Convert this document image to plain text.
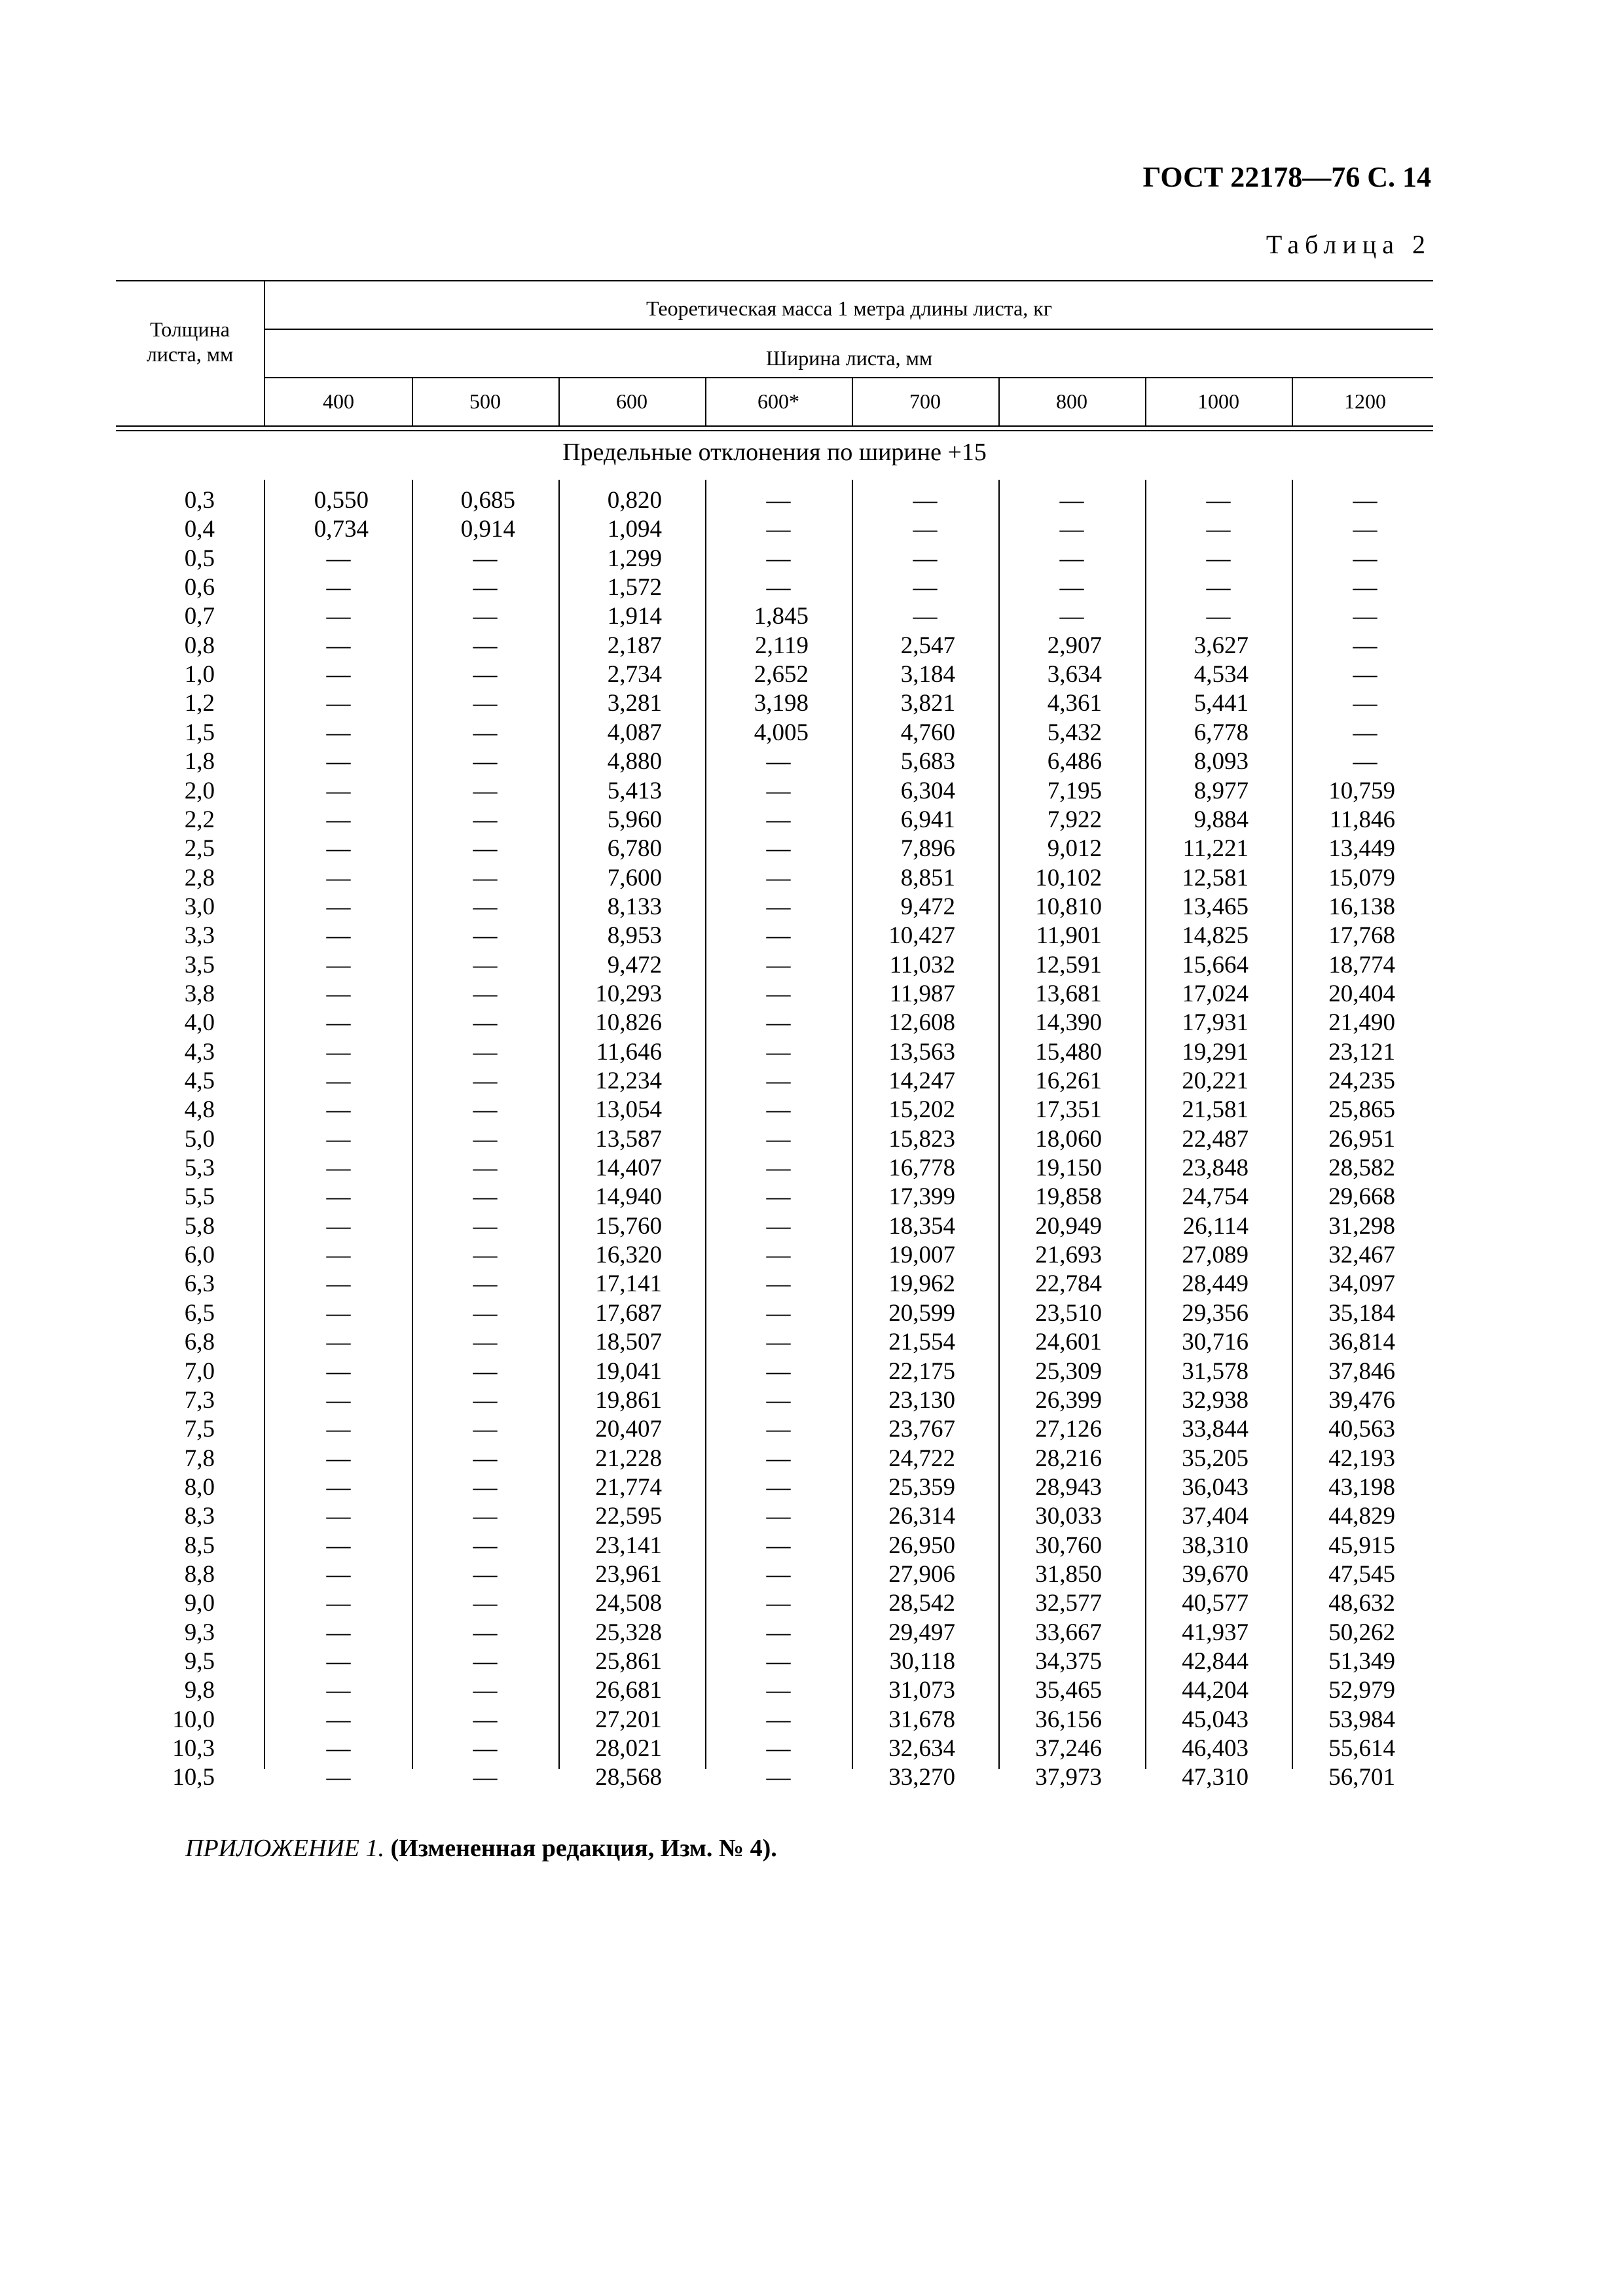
ГОСТ 22178—76 С. 14
Таблица 2
Толщина
листа, мм
Теоретическая масса 1 метра длины листа, кг
Ширина листа, мм
400	500	600	600*	700	800	1000	1200
Предельные отклонения по ширине +15
0,3	0,550	0,685	0,820	—	—	—	—	—
0,4	0,734	0,914	1,094	—	—	—	—	—
0,5	—	—	1,299	—	—	—	—	—
0,6	—	—	1,572	—	—	—	—	—
0,7	—	—	1,914	1,845	—	—	—	—
0,8	—	—	2,187	2,119	2,547	2,907	3,627	—
1,0	—	—	2,734	2,652	3,184	3,634	4,534	—
1,2	—	—	3,281	3,198	3,821	4,361	5,441	—
1,5	—	—	4,087	4,005	4,760	5,432	6,778	—
1,8	—	—	4,880	—	5,683	6,486	8,093	—
2,0	—	—	5,413	—	6,304	7,195	8,977	10,759
2,2	—	—	5,960	—	6,941	7,922	9,884	11,846
2,5	—	—	6,780	—	7,896	9,012	11,221	13,449
2,8	—	—	7,600	—	8,851	10,102	12,581	15,079
3,0	—	—	8,133	—	9,472	10,810	13,465	16,138
3,3	—	—	8,953	—	10,427	11,901	14,825	17,768
3,5	—	—	9,472	—	11,032	12,591	15,664	18,774
3,8	—	—	10,293	—	11,987	13,681	17,024	20,404
4,0	—	—	10,826	—	12,608	14,390	17,931	21,490
4,3	—	—	11,646	—	13,563	15,480	19,291	23,121
4,5	—	—	12,234	—	14,247	16,261	20,221	24,235
4,8	—	—	13,054	—	15,202	17,351	21,581	25,865
5,0	—	—	13,587	—	15,823	18,060	22,487	26,951
5,3	—	—	14,407	—	16,778	19,150	23,848	28,582
5,5	—	—	14,940	—	17,399	19,858	24,754	29,668
5,8	—	—	15,760	—	18,354	20,949	26,114	31,298
6,0	—	—	16,320	—	19,007	21,693	27,089	32,467
6,3	—	—	17,141	—	19,962	22,784	28,449	34,097
6,5	—	—	17,687	—	20,599	23,510	29,356	35,184
6,8	—	—	18,507	—	21,554	24,601	30,716	36,814
7,0	—	—	19,041	—	22,175	25,309	31,578	37,846
7,3	—	—	19,861	—	23,130	26,399	32,938	39,476
7,5	—	—	20,407	—	23,767	27,126	33,844	40,563
7,8	—	—	21,228	—	24,722	28,216	35,205	42,193
8,0	—	—	21,774	—	25,359	28,943	36,043	43,198
8,3	—	—	22,595	—	26,314	30,033	37,404	44,829
8,5	—	—	23,141	—	26,950	30,760	38,310	45,915
8,8	—	—	23,961	—	27,906	31,850	39,670	47,545
9,0	—	—	24,508	—	28,542	32,577	40,577	48,632
9,3	—	—	25,328	—	29,497	33,667	41,937	50,262
9,5	—	—	25,861	—	30,118	34,375	42,844	51,349
9,8	—	—	26,681	—	31,073	35,465	44,204	52,979
10,0	—	—	27,201	—	31,678	36,156	45,043	53,984
10,3	—	—	28,021	—	32,634	37,246	46,403	55,614
10,5	—	—	28,568	—	33,270	37,973	47,310	56,701
ПРИЛОЖЕНИЕ 1. (Измененная редакция, Изм. № 4).
